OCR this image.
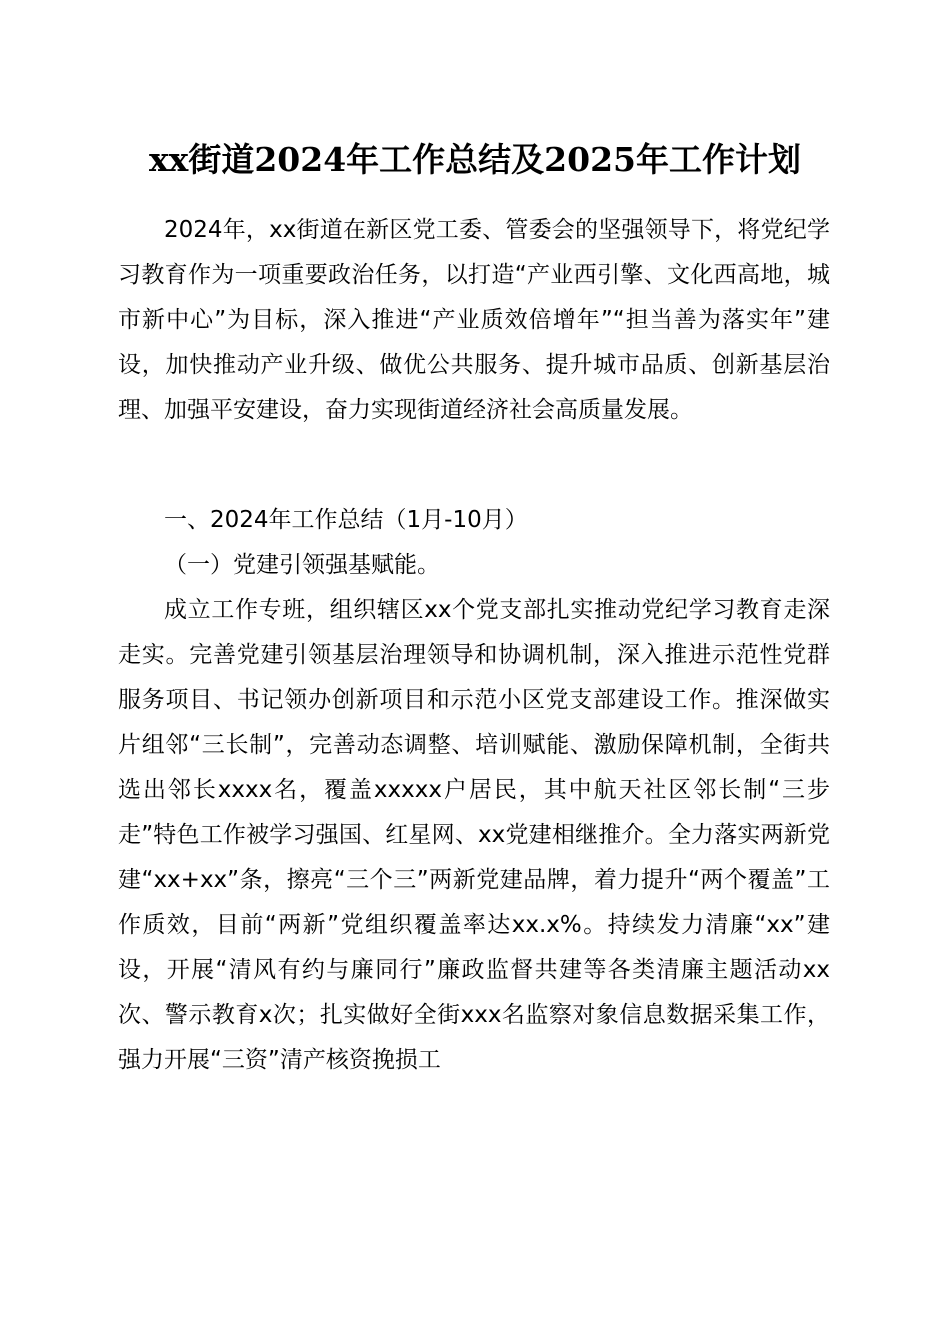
xx街道2024年工作总结及2025年工作计划

2024年，xx街道在新区党工委、管委会的坚强领导下，将党纪学习教育作为一项重要政治任务，以打造“产业西引擎、文化西高地，城市新中心”为目标，深入推进“产业质效倍增年”“担当善为落实年”建设，加快推动产业升级、做优公共服务、提升城市品质、创新基层治理、加强平安建设，奋力实现街道经济社会高质量发展。

一、2024年工作总结（1月-10月）

（一）党建引领强基赋能。

成立工作专班，组织辖区xx个党支部扎实推动党纪学习教育走深走实。完善党建引领基层治理领导和协调机制，深入推进示范性党群服务项目、书记领办创新项目和示范小区党支部建设工作。推深做实片组邻“三长制”，完善动态调整、培训赋能、激励保障机制，全街共选出邻长xxxx名，覆盖xxxxx户居民，其中航天社区邻长制“三步走”特色工作被学习强国、红星网、xx党建相继推介。全力落实两新党建“xx+xx”条，擦亮“三个三”两新党建品牌，着力提升“两个覆盖”工作质效，目前“两新”党组织覆盖率达xx.x%。持续发力清廉“xx”建设，开展“清风有约与廉同行”廉政监督共建等各类清廉主题活动xx次、警示教育x次；扎实做好全街xxx名监察对象信息数据采集工作，强力开展“三资”清产核资挽损工
